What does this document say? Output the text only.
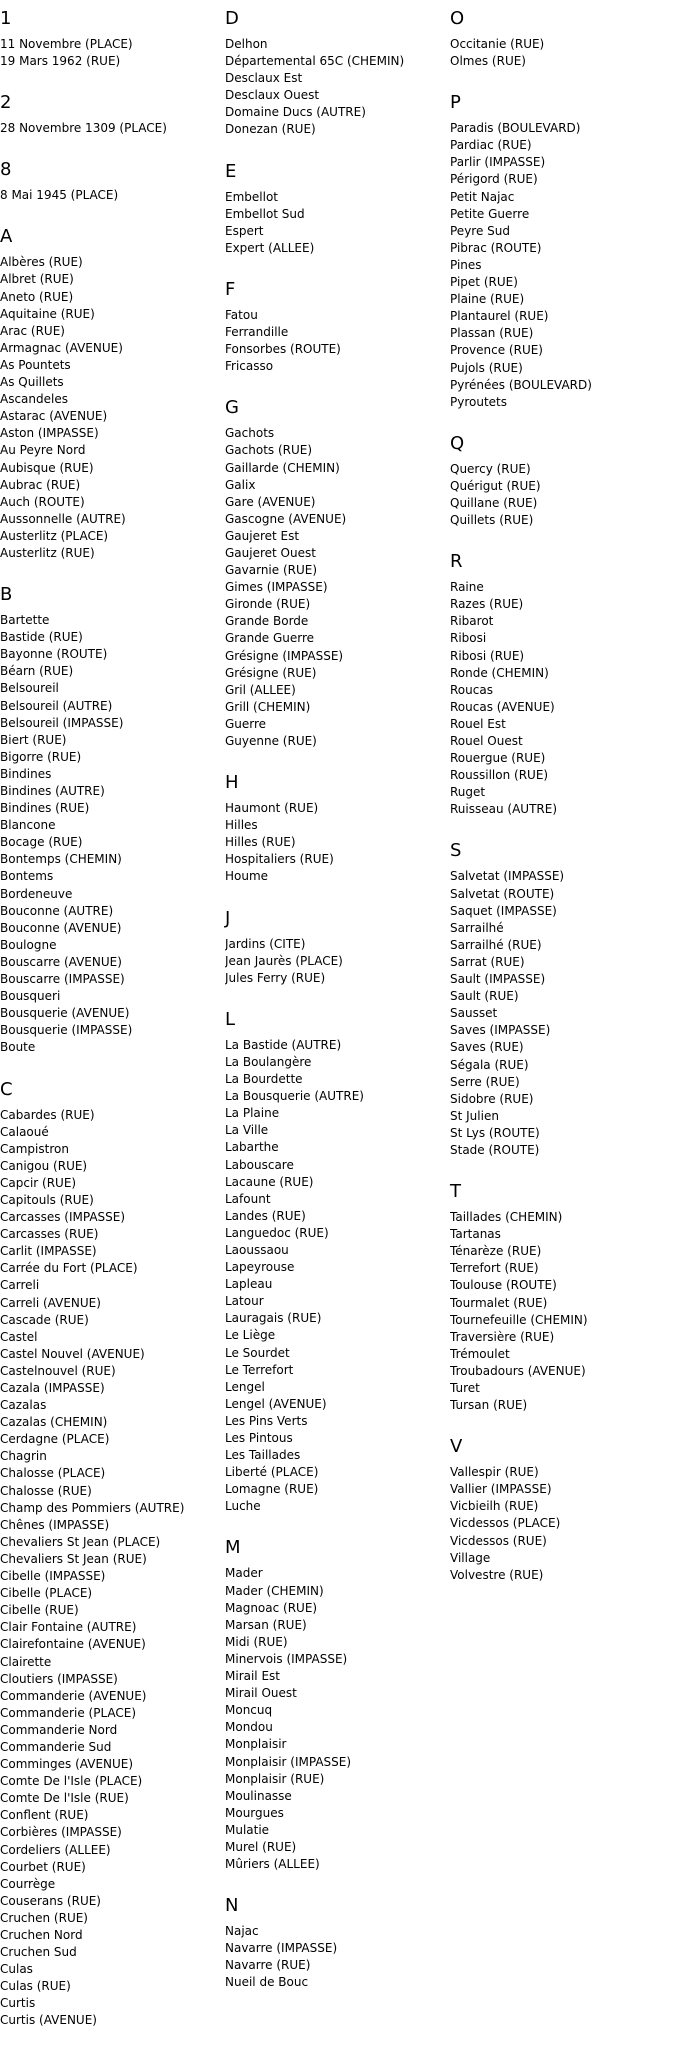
1
11 Novembre (PLACE)
19 Mars 1962 (RUE)
2
28 Novembre 1309 (PLACE)
8
8 Mai 1945 (PLACE)
A
Albères (RUE)
Albret (RUE)
Aneto (RUE)
Aquitaine (RUE)
Arac (RUE)
Armagnac (AVENUE)
As Pountets
As Quillets
Ascandeles
Astarac (AVENUE)
Aston (IMPASSE)
Au Peyre Nord
Aubisque (RUE)
Aubrac (RUE)
Auch (ROUTE)
Aussonnelle (AUTRE)
Austerlitz (PLACE)
Austerlitz (RUE)
B
Bartette
Bastide (RUE)
Bayonne (ROUTE)
Béarn (RUE)
Belsoureil
Belsoureil (AUTRE)
Belsoureil (IMPASSE)
Biert (RUE)
Bigorre (RUE)
Bindines
Bindines (AUTRE)
Bindines (RUE)
Blancone
Bocage (RUE)
Bontemps (CHEMIN)
Bontems
Bordeneuve
Bouconne (AUTRE)
Bouconne (AVENUE)
Boulogne
Bouscarre (AVENUE)
Bouscarre (IMPASSE)
Bousqueri
Bousquerie (AVENUE)
Bousquerie (IMPASSE)
Boute
C
Cabardes (RUE)
Calaoué
Campistron
Canigou (RUE)
Capcir (RUE)
Capitouls (RUE)
Carcasses (IMPASSE)
Carcasses (RUE)
Carlit (IMPASSE)
Carrée du Fort (PLACE)
Carreli
Carreli (AVENUE)
Cascade (RUE)
Castel
Castel Nouvel (AVENUE)
Castelnouvel (RUE)
Cazala (IMPASSE)
Cazalas
Cazalas (CHEMIN)
Cerdagne (PLACE)
Chagrin
Chalosse (PLACE)
Chalosse (RUE)
Champ des Pommiers (AUTRE)
Chênes (IMPASSE)
Chevaliers St Jean (PLACE)
Chevaliers St Jean (RUE)
Cibelle (IMPASSE)
Cibelle (PLACE)
Cibelle (RUE)
Clair Fontaine (AUTRE)
Clairefontaine (AVENUE)
Clairette
Cloutiers (IMPASSE)
Commanderie (AVENUE)
Commanderie (PLACE)
Commanderie Nord
Commanderie Sud
Comminges (AVENUE)
Comte De l'Isle (PLACE)
Comte De l'Isle (RUE)
Conflent (RUE)
Corbières (IMPASSE)
Cordeliers (ALLEE)
Courbet (RUE)
Courrège
Couserans (RUE)
Cruchen (RUE)
Cruchen Nord
Cruchen Sud
Culas
Culas (RUE)
Curtis
Curtis (AVENUE)
D
Delhon
Départemental 65C (CHEMIN)
Desclaux Est
Desclaux Ouest
Domaine Ducs (AUTRE)
Donezan (RUE)
E
Embellot
Embellot Sud
Espert
Expert (ALLEE)
F
Fatou
Ferrandille
Fonsorbes (ROUTE)
Fricasso
G
Gachots
Gachots (RUE)
Gaillarde (CHEMIN)
Galix
Gare (AVENUE)
Gascogne (AVENUE)
Gaujeret Est
Gaujeret Ouest
Gavarnie (RUE)
Gimes (IMPASSE)
Gironde (RUE)
Grande Borde
Grande Guerre
Grésigne (IMPASSE)
Grésigne (RUE)
Gril (ALLEE)
Grill (CHEMIN)
Guerre
Guyenne (RUE)
H
Haumont (RUE)
Hilles
Hilles (RUE)
Hospitaliers (RUE)
Houme
J
Jardins (CITE)
Jean Jaurès (PLACE)
Jules Ferry (RUE)
L
La Bastide (AUTRE)
La Boulangère
La Bourdette
La Bousquerie (AUTRE)
La Plaine
La Ville
Labarthe
Labouscare
Lacaune (RUE)
Lafount
Landes (RUE)
Languedoc (RUE)
Laoussaou
Lapeyrouse
Lapleau
Latour
Lauragais (RUE)
Le Liège
Le Sourdet
Le Terrefort
Lengel
Lengel (AVENUE)
Les Pins Verts
Les Pintous
Les Taillades
Liberté (PLACE)
Lomagne (RUE)
Luche
M
Mader
Mader (CHEMIN)
Magnoac (RUE)
Marsan (RUE)
Midi (RUE)
Minervois (IMPASSE)
Mirail Est
Mirail Ouest
Moncuq
Mondou
Monplaisir
Monplaisir (IMPASSE)
Monplaisir (RUE)
Moulinasse
Mourgues
Mulatie
Murel (RUE)
Mûriers (ALLEE)
N
Najac
Navarre (IMPASSE)
Navarre (RUE)
Nueil de Bouc
O
Occitanie (RUE)
Olmes (RUE)
P
Paradis (BOULEVARD)
Pardiac (RUE)
Parlir (IMPASSE)
Périgord (RUE)
Petit Najac
Petite Guerre
Peyre Sud
Pibrac (ROUTE)
Pines
Pipet (RUE)
Plaine (RUE)
Plantaurel (RUE)
Plassan (RUE)
Provence (RUE)
Pujols (RUE)
Pyrénées (BOULEVARD)
Pyroutets
Q
Quercy (RUE)
Quérigut (RUE)
Quillane (RUE)
Quillets (RUE)
R
Raine
Razes (RUE)
Ribarot
Ribosi
Ribosi (RUE)
Ronde (CHEMIN)
Roucas
Roucas (AVENUE)
Rouel Est
Rouel Ouest
Rouergue (RUE)
Roussillon (RUE)
Ruget
Ruisseau (AUTRE)
S
Salvetat (IMPASSE)
Salvetat (ROUTE)
Saquet (IMPASSE)
Sarrailhé
Sarrailhé (RUE)
Sarrat (RUE)
Sault (IMPASSE)
Sault (RUE)
Sausset
Saves (IMPASSE)
Saves (RUE)
Ségala (RUE)
Serre (RUE)
Sidobre (RUE)
St Julien
St Lys (ROUTE)
Stade (ROUTE)
T
Taillades (CHEMIN)
Tartanas
Ténarèze (RUE)
Terrefort (RUE)
Toulouse (ROUTE)
Tourmalet (RUE)
Tournefeuille (CHEMIN)
Traversière (RUE)
Trémoulet
Troubadours (AVENUE)
Turet
Tursan (RUE)
V
Vallespir (RUE)
Vallier (IMPASSE)
Vicbieilh (RUE)
Vicdessos (PLACE)
Vicdessos (RUE)
Village
Volvestre (RUE)
